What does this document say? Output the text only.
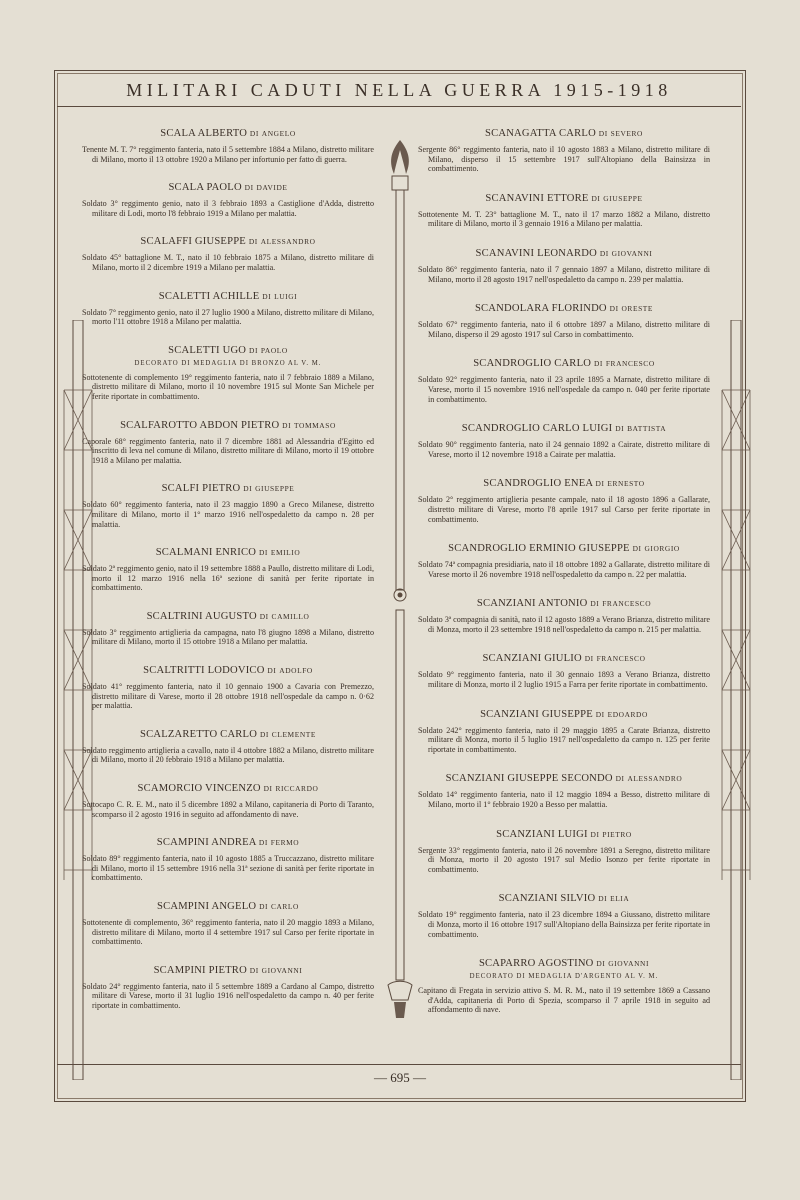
MILITARI CADUTI NELLA GUERRA 1915-1918
SCALA ALBERTO DI ANGELO
Tenente M. T. 7° reggimento fanteria, nato il 5 settembre 1884 a Milano, distretto militare di Milano, morto il 13 ottobre 1920 a Milano per infortunio per fatto di guerra.
SCALA PAOLO DI DAVIDE
Soldato 3° reggimento genio, nato il 3 febbraio 1893 a Castiglione d'Adda, distretto militare di Lodi, morto l'8 febbraio 1919 a Milano per malattia.
SCALAFFI GIUSEPPE DI ALESSANDRO
Soldato 45° battaglione M. T., nato il 10 febbraio 1875 a Milano, distretto militare di Milano, morto il 2 dicembre 1919 a Milano per malattia.
SCALETTI ACHILLE DI LUIGI
Soldato 7° reggimento genio, nato il 27 luglio 1900 a Milano, distretto militare di Milano, morto l'11 ottobre 1918 a Milano per malattia.
SCALETTI UGO DI PAOLO
DECORATO DI MEDAGLIA DI BRONZO AL V. M.
Sottotenente di complemento 19° reggimento fanteria, nato il 7 febbraio 1889 a Milano, distretto militare di Milano, morto il 10 novembre 1915 sul Monte San Michele per ferite riportate in combattimento.
SCALFAROTTO ABDON PIETRO DI TOMMASO
Caporale 68° reggimento fanteria, nato il 7 dicembre 1881 ad Alessandria d'Egitto ed inscritto di leva nel comune di Milano, distretto militare di Milano, morto il 19 ottobre 1918 a Milano per malattia.
SCALFI PIETRO DI GIUSEPPE
Soldato 60° reggimento fanteria, nato il 23 maggio 1890 a Greco Milanese, distretto militare di Milano, morto il 1° marzo 1916 nell'ospedaletto da campo n. 28 per malattia.
SCALMANI ENRICO DI EMILIO
Soldato 2ª reggimento genio, nato il 19 settembre 1888 a Paullo, distretto militare di Lodi, morto il 12 marzo 1916 nella 16ª sezione di sanità per ferite riportate in combattimento.
SCALTRINI AUGUSTO DI CAMILLO
Soldato 3° reggimento artiglieria da campagna, nato l'8 giugno 1898 a Milano, distretto militare di Milano, morto il 15 ottobre 1918 a Milano per malattia.
SCALTRITTI LODOVICO DI ADOLFO
Soldato 41° reggimento fanteria, nato il 10 gennaio 1900 a Cavaria con Premezzo, distretto militare di Varese, morto il 28 ottobre 1918 nell'ospedale da campo n. 0·62 per malattia.
SCALZARETTO CARLO DI CLEMENTE
Soldato reggimento artiglieria a cavallo, nato il 4 ottobre 1882 a Milano, distretto militare di Milano, morto il 20 febbraio 1918 a Milano per malattia.
SCAMORCIO VINCENZO DI RICCARDO
Sottocapo C. R. E. M., nato il 5 dicembre 1892 a Milano, capitaneria di Porto di Taranto, scomparso il 2 agosto 1916 in seguito ad affondamento di nave.
SCAMPINI ANDREA DI FERMO
Soldato 89° reggimento fanteria, nato il 10 agosto 1885 a Truccazzano, distretto militare di Milano, morto il 15 settembre 1916 nella 31ª sezione di sanità per ferite riportate in combattimento.
SCAMPINI ANGELO DI CARLO
Sottotenente di complemento, 36° reggimento fanteria, nato il 20 maggio 1893 a Milano, distretto militare di Milano, morto il 4 settembre 1917 sul Carso per ferite riportate in combattimento.
SCAMPINI PIETRO DI GIOVANNI
Soldato 24° reggimento fanteria, nato il 5 settembre 1889 a Cardano al Campo, distretto militare di Varese, morto il 31 luglio 1916 nell'ospedaletto da campo n. 40 per ferite riportate in combattimento.
SCANAGATTA CARLO DI SEVERO
Sergente 86° reggimento fanteria, nato il 10 agosto 1883 a Milano, distretto militare di Milano, disperso il 15 settembre 1917 sull'Altopiano della Bainsizza in combattimento.
SCANAVINI ETTORE DI GIUSEPPE
Sottotenente M. T. 23° battaglione M. T., nato il 17 marzo 1882 a Milano, distretto militare di Milano, morto il 3 gennaio 1916 a Milano per malattia.
SCANAVINI LEONARDO DI GIOVANNI
Soldato 86° reggimento fanteria, nato il 7 gennaio 1897 a Milano, distretto militare di Milano, morto il 28 agosto 1917 nell'ospedaletto da campo n. 239 per malattia.
SCANDOLARA FLORINDO DI ORESTE
Soldato 67° reggimento fanteria, nato il 6 ottobre 1897 a Milano, distretto militare di Milano, disperso il 29 agosto 1917 sul Carso in combattimento.
SCANDROGLIO CARLO DI FRANCESCO
Soldato 92° reggimento fanteria, nato il 23 aprile 1895 a Marnate, distretto militare di Varese, morto il 15 novembre 1916 nell'ospedale da campo n. 040 per ferite riportate in combattimento.
SCANDROGLIO CARLO LUIGI DI BATTISTA
Soldato 90° reggimento fanteria, nato il 24 gennaio 1892 a Cairate, distretto militare di Varese, morto il 12 novembre 1918 a Cairate per malattia.
SCANDROGLIO ENEA DI ERNESTO
Soldato 2° reggimento artiglieria pesante campale, nato il 18 agosto 1896 a Gallarate, distretto militare di Varese, morto l'8 aprile 1917 sul Carso per ferite riportate in combattimento.
SCANDROGLIO ERMINIO GIUSEPPE DI GIORGIO
Soldato 74ª compagnia presidiaria, nato il 18 ottobre 1892 a Gallarate, distretto militare di Varese morto il 26 novembre 1918 nell'ospedaletto da campo n. 22 per malattia.
SCANZIANI ANTONIO DI FRANCESCO
Soldato 3ª compagnia di sanità, nato il 12 agosto 1889 a Verano Brianza, distretto militare di Monza, morto il 23 settembre 1918 nell'ospedaletto da campo n. 215 per malattia.
SCANZIANI GIULIO DI FRANCESCO
Soldato 9° reggimento fanteria, nato il 30 gennaio 1893 a Verano Brianza, distretto militare di Monza, morto il 2 luglio 1915 a Farra per ferite riportate in combattimento.
SCANZIANI GIUSEPPE DI EDOARDO
Soldato 242° reggimento fanteria, nato il 29 maggio 1895 a Carate Brianza, distretto militare di Monza, morto il 5 luglio 1917 nell'ospedaletto da campo n. 125 per ferite riportate in combattimento.
SCANZIANI GIUSEPPE SECONDO DI ALESSANDRO
Soldato 14° reggimento fanteria, nato il 12 maggio 1894 a Besso, distretto militare di Milano, morto il 1° febbraio 1920 a Besso per malattia.
SCANZIANI LUIGI DI PIETRO
Sergente 33° reggimento fanteria, nato il 26 novembre 1891 a Seregno, distretto militare di Monza, morto il 20 agosto 1917 sul Medio Isonzo per ferite riportate in combattimento.
SCANZIANI SILVIO DI ELIA
Soldato 19° reggimento fanteria, nato il 23 dicembre 1894 a Giussano, distretto militare di Monza, morto il 16 ottobre 1917 sull'Altopiano della Bainsizza per ferite riportate in combattimento.
SCAPARRO AGOSTINO DI GIOVANNI
DECORATO DI MEDAGLIA D'ARGENTO AL V. M.
Capitano di Fregata in servizio attivo S. M. R. M., nato il 19 settembre 1869 a Cassano d'Adda, capitaneria di Porto di Spezia, scomparso il 7 aprile 1918 in seguito ad affondamento di nave.
— 695 —
